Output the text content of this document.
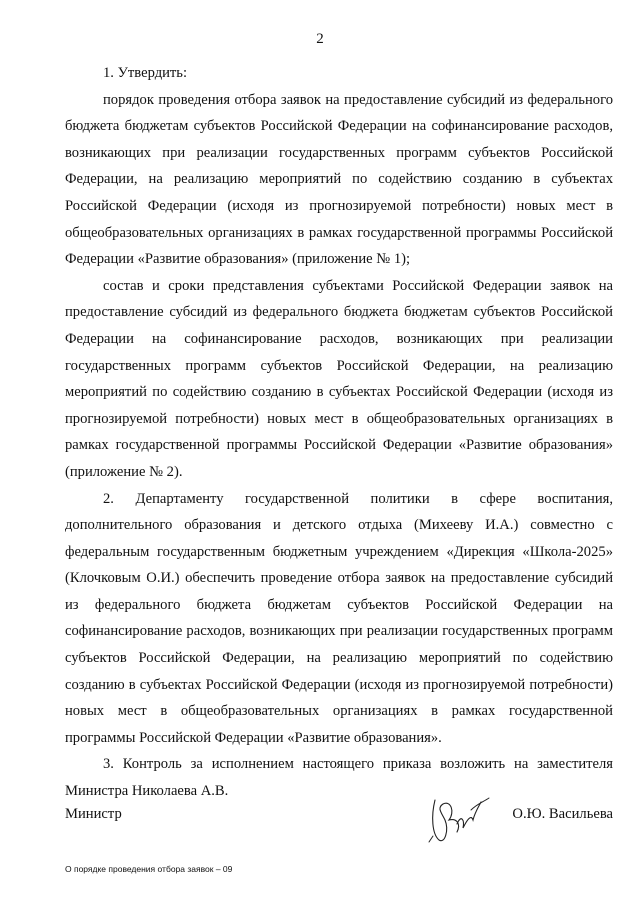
2

1. Утвердить:

порядок проведения отбора заявок на предоставление субсидий из федерального бюджета бюджетам субъектов Российской Федерации на софинансирование расходов, возникающих при реализации государственных программ субъектов Российской Федерации, на реализацию мероприятий по содействию созданию в субъектах Российской Федерации (исходя из прогнозируемой потребности) новых мест в общеобразовательных организациях в рамках государственной программы Российской Федерации «Развитие образования» (приложение № 1);

состав и сроки представления субъектами Российской Федерации заявок на предоставление субсидий из федерального бюджета бюджетам субъектов Российской Федерации на софинансирование расходов, возникающих при реализации государственных программ субъектов Российской Федерации, на реализацию мероприятий по содействию созданию в субъектах Российской Федерации (исходя из прогнозируемой потребности) новых мест в общеобразовательных организациях в рамках государственной программы Российской Федерации «Развитие образования» (приложение № 2).

2. Департаменту государственной политики в сфере воспитания, дополнительного образования и детского отдыха (Михееву И.А.) совместно с федеральным государственным бюджетным учреждением «Дирекция «Школа-2025» (Клочковым О.И.) обеспечить проведение отбора заявок на предоставление субсидий из федерального бюджета бюджетам субъектов Российской Федерации на софинансирование расходов, возникающих при реализации государственных программ субъектов Российской Федерации, на реализацию мероприятий по содействию созданию в субъектах Российской Федерации (исходя из прогнозируемой потребности) новых мест в общеобразовательных организациях в рамках государственной программы Российской Федерации «Развитие образования».

3. Контроль за исполнением настоящего приказа возложить на заместителя Министра Николаева А.В.

Министр	О.Ю. Васильева
О порядке проведения отбора заявок – 09
